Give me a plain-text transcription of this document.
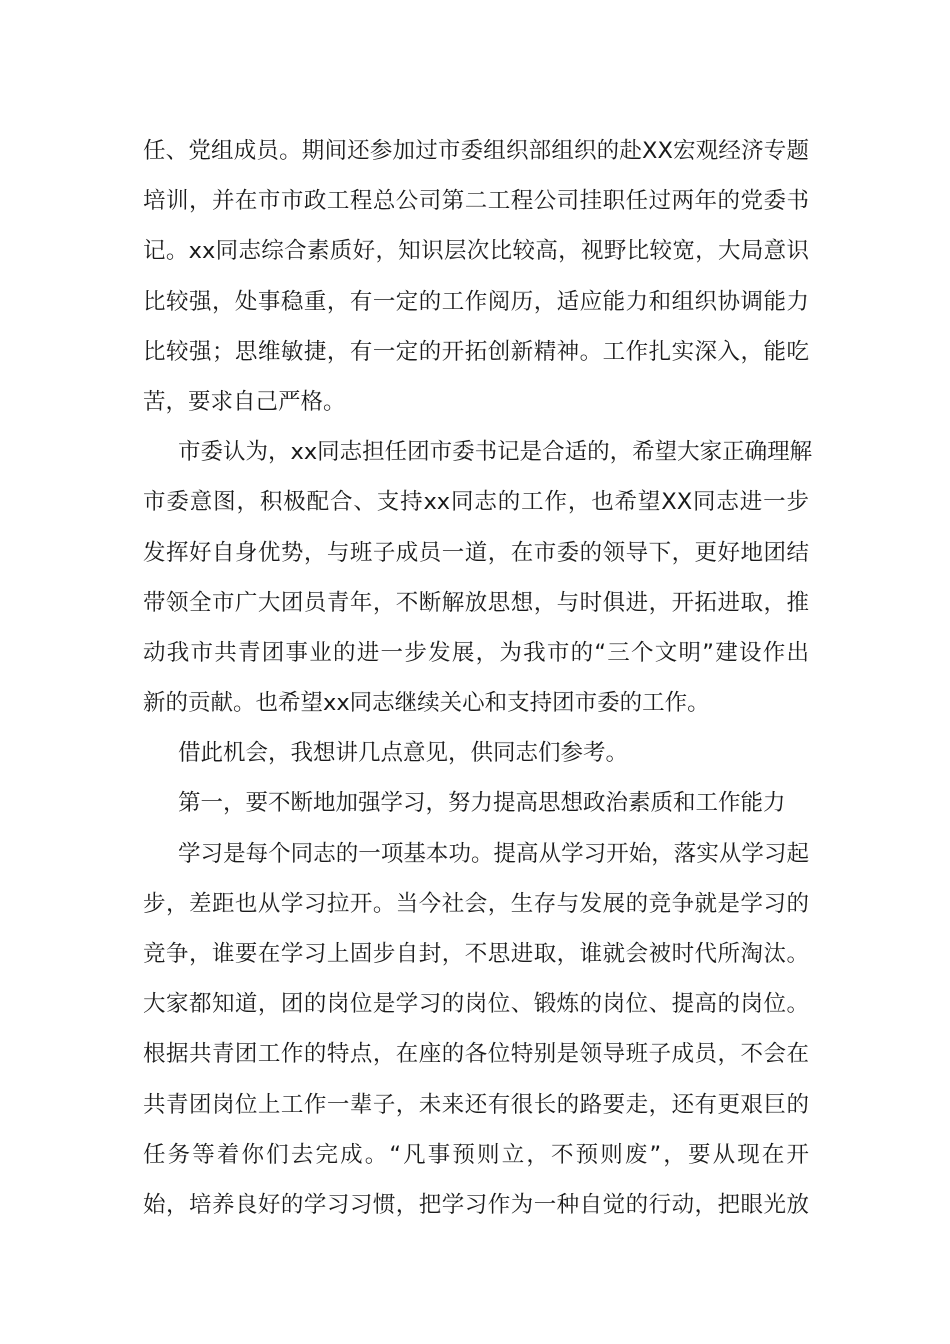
任、党组成员。期间还参加过市委组织部组织的赴XX宏观经济专题
培训，并在市市政工程总公司第二工程公司挂职任过两年的党委书
记。xx同志综合素质好，知识层次比较高，视野比较宽，大局意识
比较强，处事稳重，有一定的工作阅历，适应能力和组织协调能力
比较强；思维敏捷，有一定的开拓创新精神。工作扎实深入，能吃
苦，要求自己严格。
市委认为，xx同志担任团市委书记是合适的，希望大家正确理解
市委意图，积极配合、支持xx同志的工作，也希望XX同志进一步
发挥好自身优势，与班子成员一道，在市委的领导下，更好地团结
带领全市广大团员青年，不断解放思想，与时俱进，开拓进取，推
动我市共青团事业的进一步发展，为我市的“三个文明”建设作出
新的贡献。也希望xx同志继续关心和支持团市委的工作。
借此机会，我想讲几点意见，供同志们参考。
第一，要不断地加强学习，努力提高思想政治素质和工作能力
学习是每个同志的一项基本功。提高从学习开始，落实从学习起
步，差距也从学习拉开。当今社会，生存与发展的竞争就是学习的
竞争，谁要在学习上固步自封，不思进取，谁就会被时代所淘汰。
大家都知道，团的岗位是学习的岗位、锻炼的岗位、提高的岗位。
根据共青团工作的特点，在座的各位特别是领导班子成员，不会在
共青团岗位上工作一辈子，未来还有很长的路要走，还有更艰巨的
任务等着你们去完成。“凡事预则立，不预则废”，要从现在开
始，培养良好的学习习惯，把学习作为一种自觉的行动，把眼光放
